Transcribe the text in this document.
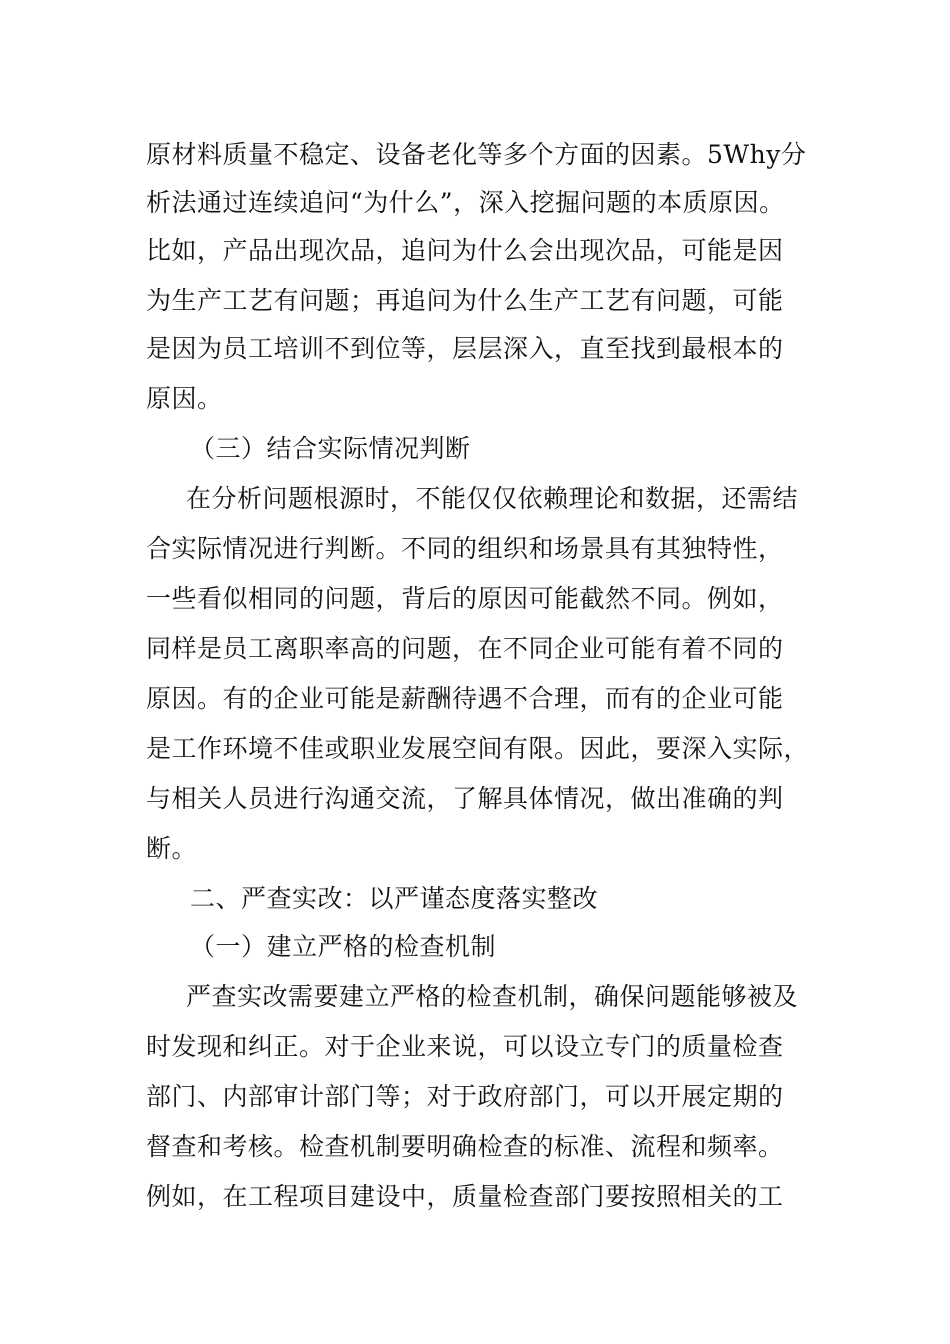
原材料质量不稳定、设备老化等多个方面的因素。5Why分
析法通过连续追问“为什么”，深入挖掘问题的本质原因。
比如，产品出现次品，追问为什么会出现次品，可能是因
为生产工艺有问题；再追问为什么生产工艺有问题，可能
是因为员工培训不到位等，层层深入，直至找到最根本的
原因。
（三）结合实际情况判断
在分析问题根源时，不能仅仅依赖理论和数据，还需结
合实际情况进行判断。不同的组织和场景具有其独特性，
一些看似相同的问题，背后的原因可能截然不同。例如，
同样是员工离职率高的问题，在不同企业可能有着不同的
原因。有的企业可能是薪酬待遇不合理，而有的企业可能
是工作环境不佳或职业发展空间有限。因此，要深入实际，
与相关人员进行沟通交流，了解具体情况，做出准确的判
断。
二、严查实改：以严谨态度落实整改
（一）建立严格的检查机制
严查实改需要建立严格的检查机制，确保问题能够被及
时发现和纠正。对于企业来说，可以设立专门的质量检查
部门、内部审计部门等；对于政府部门，可以开展定期的
督查和考核。检查机制要明确检查的标准、流程和频率。
例如，在工程项目建设中，质量检查部门要按照相关的工
